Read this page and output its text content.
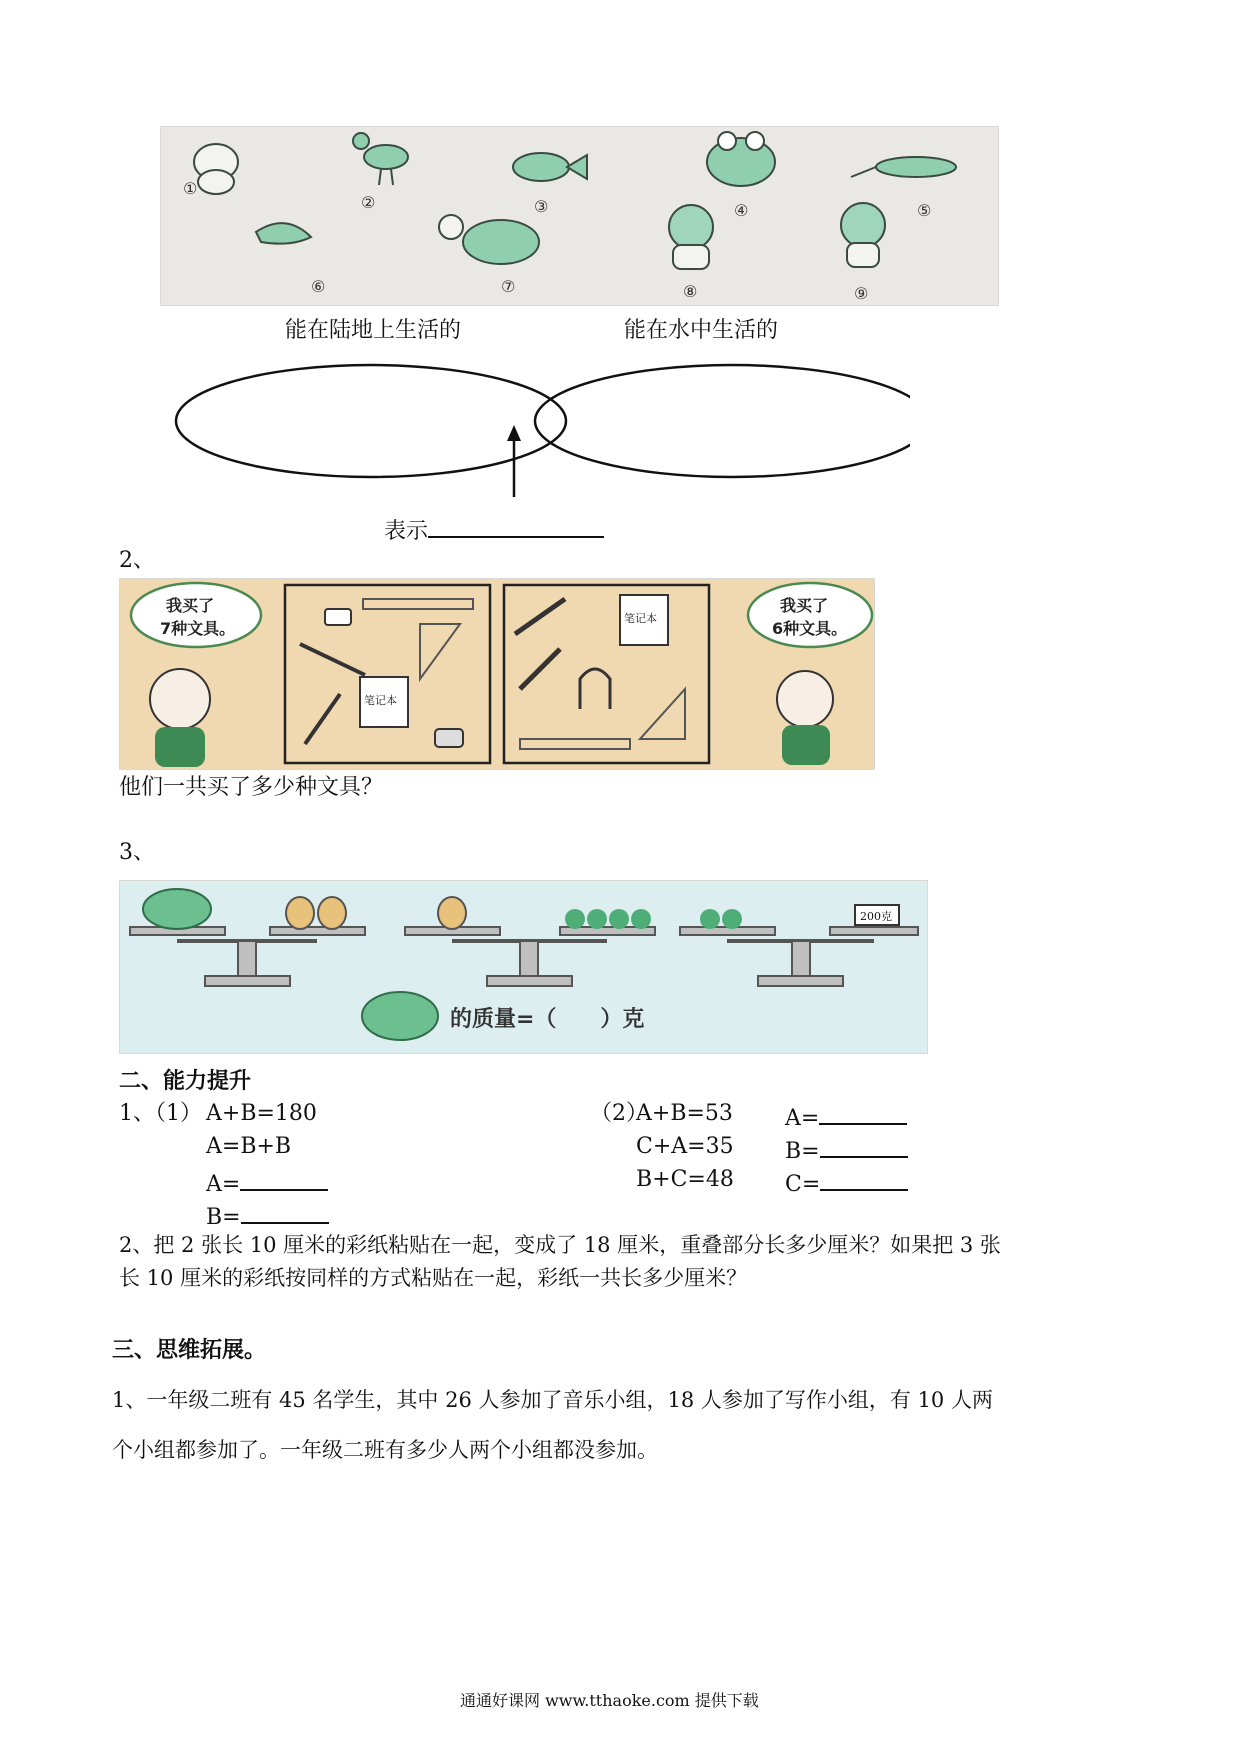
①
②	③	④	⑤
⑥	⑦	⑧	⑨
能在陆地上生活的	能在水中生活的
表示
2、
我买了
7种文具。
笔记本
笔记本
我买了
6种文具。
他们一共买了多少种文具？
3、
200克
的质量=（　　）克
二、能力提升
1、（1） A+B=180
A=B+B
A=
B=
（2）
A+B=53
C+A=35
B+C=48
A=
B=
C=
2、把 2 张长 10 厘米的彩纸粘贴在一起，变成了 18 厘米，重叠部分长多少厘米？如果把 3 张
长 10 厘米的彩纸按同样的方式粘贴在一起，彩纸一共长多少厘米？
三、思维拓展。
1、一年级二班有 45 名学生，其中 26 人参加了音乐小组，18 人参加了写作小组，有 10 人两
个小组都参加了。一年级二班有多少人两个小组都没参加。
通通好课网 www.tthaoke.com 提供下载
